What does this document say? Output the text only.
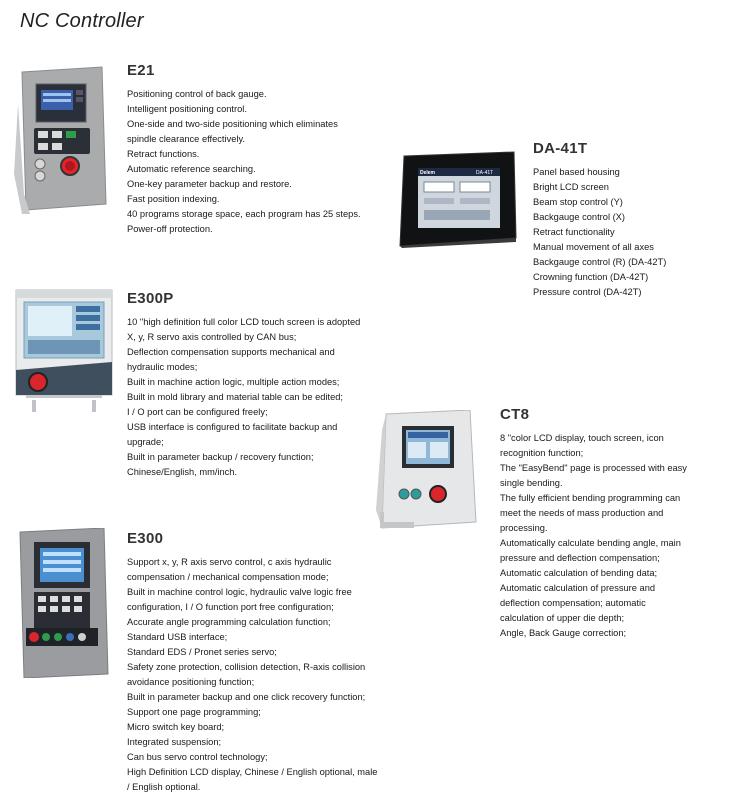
NC Controller
E21
Positioning control of back gauge.
Intelligent positioning control.
One-side and two-side positioning which eliminates
spindle clearance effectively.
Retract functions.
Automatic reference searching.
One-key parameter backup and restore.
Fast position indexing.
40 programs storage space, each program has 25 steps.
Power-off protection.
Delem	DA-41T
DA-41T
Panel based housing
Bright LCD screen
Beam stop control (Y)
Backgauge control (X)
Retract functionality
Manual movement of all axes
Backgauge control (R) (DA-42T)
Crowning function (DA-42T)
Pressure control (DA-42T)
E300P
10 "high definition full color LCD touch screen is adopted
X, y, R servo axis controlled by CAN bus;
Deflection compensation supports mechanical and
hydraulic modes;
Built in machine action logic, multiple action modes;
Built in mold library and material table can be edited;
I / O port can be configured freely;
USB interface is configured to facilitate backup and
upgrade;
Built in parameter backup / recovery function;
Chinese/English, mm/inch.
CT8
8 "color LCD display, touch screen, icon
recognition function;
The "EasyBend" page is processed with easy
single bending.
The fully efficient bending programming can
meet the needs of mass production and
processing.
Automatically calculate bending angle, main
pressure and deflection compensation;
Automatic calculation of bending data;
Automatic calculation of pressure and
deflection compensation; automatic
calculation of upper die depth;
Angle, Back Gauge correction;
E300
Support x, y, R axis servo control, c axis hydraulic
compensation / mechanical compensation mode;
Built in machine control logic, hydraulic valve logic free
configuration, I / O function port free configuration;
Accurate angle programming calculation function;
Standard USB interface;
Standard EDS / Pronet series servo;
Safety zone protection, collision detection, R-axis collision
avoidance positioning function;
Built in parameter backup and one click recovery function;
Support one page programming;
Micro switch key board;
Integrated suspension;
Can bus servo control technology;
High Definition LCD display, Chinese / English optional, male
/ English optional.
